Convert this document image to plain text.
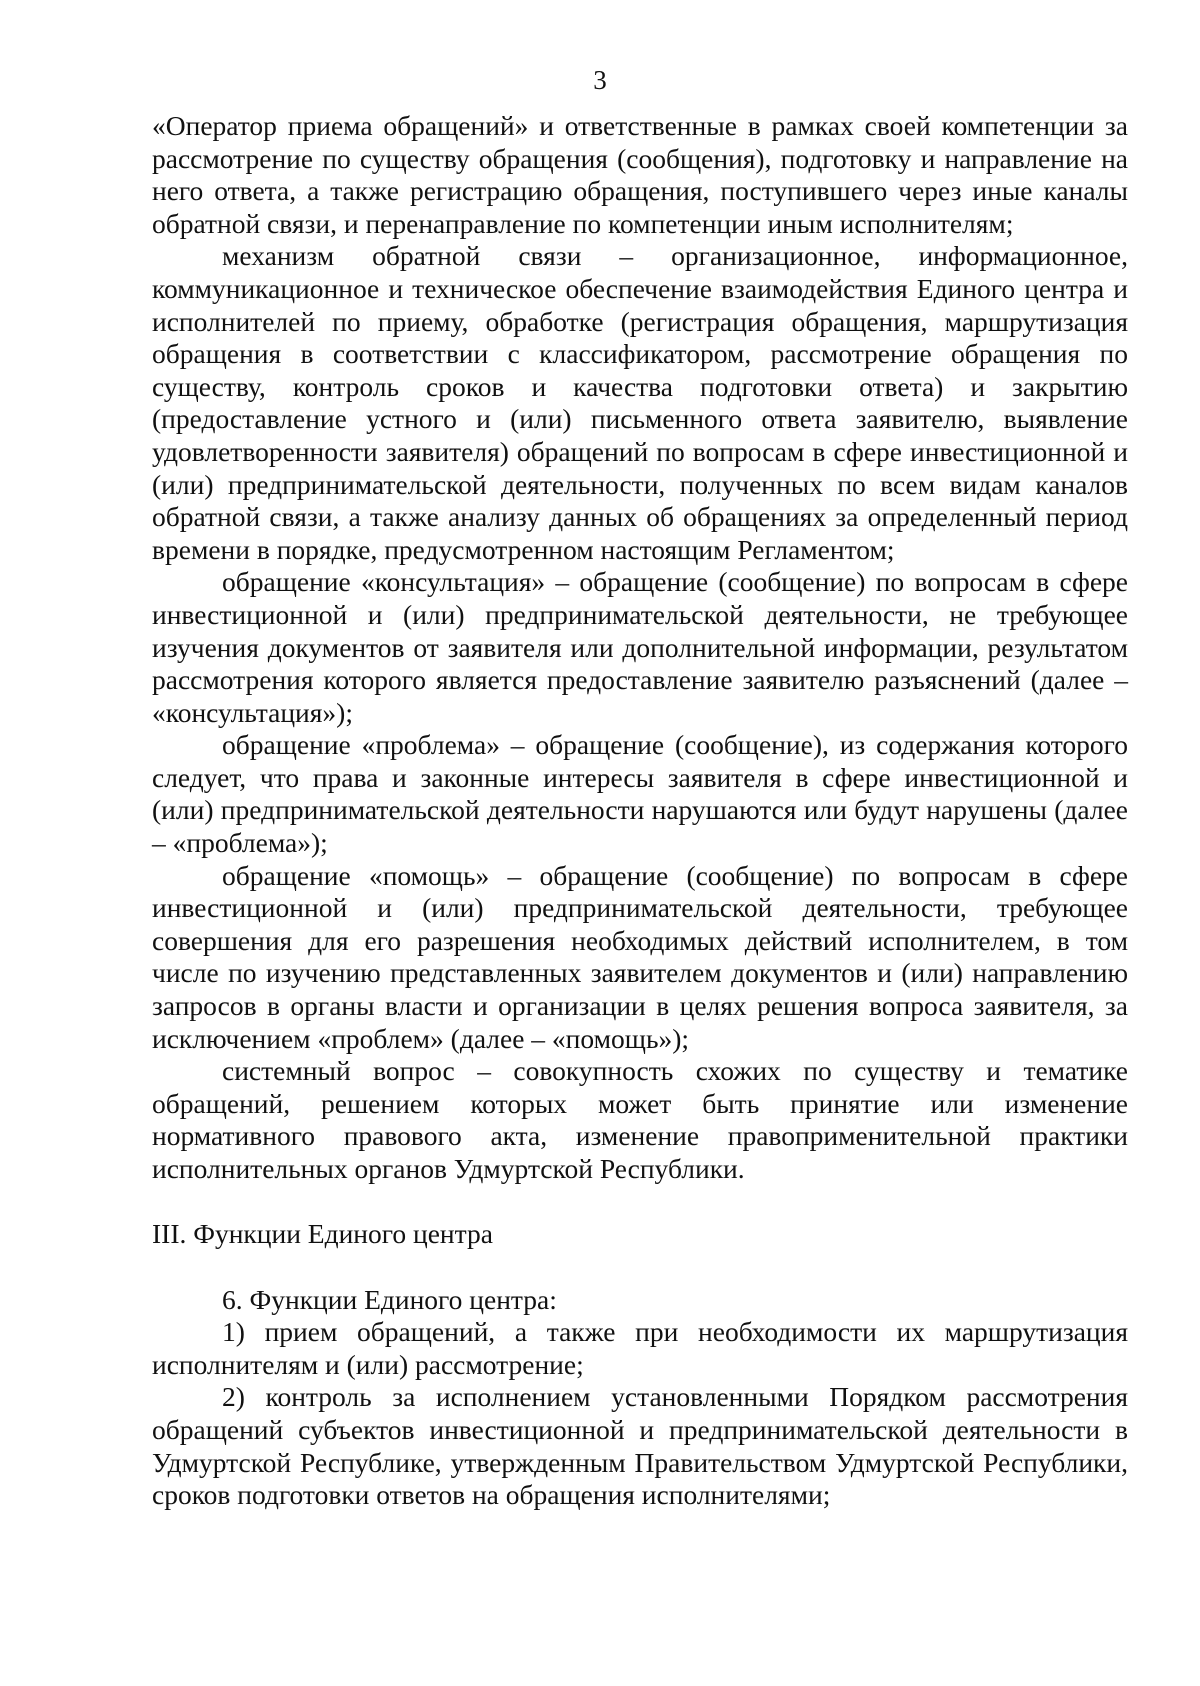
3

«Оператор приема обращений» и ответственные в рамках своей компетенции за рассмотрение по существу обращения (сообщения), подготовку и направление на него ответа, а также регистрацию обращения, поступившего через иные каналы обратной связи, и перенаправление по компетенции иным исполнителям;

механизм обратной связи – организационное, информационное, коммуникационное и техническое обеспечение взаимодействия Единого центра и исполнителей по приему, обработке (регистрация обращения, маршрутизация обращения в соответствии с классификатором, рассмотрение обращения по существу, контроль сроков и качества подготовки ответа) и закрытию (предоставление устного и (или) письменного ответа заявителю, выявление удовлетворенности заявителя) обращений по вопросам в сфере инвестиционной и (или) предпринимательской деятельности, полученных по всем видам каналов обратной связи, а также анализу данных об обращениях за определенный период времени в порядке, предусмотренном настоящим Регламентом;

обращение «консультация» – обращение (сообщение) по вопросам в сфере инвестиционной и (или) предпринимательской деятельности, не требующее изучения документов от заявителя или дополнительной информации, результатом рассмотрения которого является предоставление заявителю разъяснений (далее – «консультация»);

обращение «проблема» – обращение (сообщение), из содержания которого следует, что права и законные интересы заявителя в сфере инвестиционной и (или) предпринимательской деятельности нарушаются или будут нарушены (далее – «проблема»);

обращение «помощь» – обращение (сообщение) по вопросам в сфере инвестиционной и (или) предпринимательской деятельности, требующее совершения для его разрешения необходимых действий исполнителем, в том числе по изучению представленных заявителем документов и (или) направлению запросов в органы власти и организации в целях решения вопроса заявителя, за исключением «проблем» (далее – «помощь»);

системный вопрос – совокупность схожих по существу и тематике обращений, решением которых может быть принятие или изменение нормативного правового акта, изменение правоприменительной практики исполнительных органов Удмуртской Республики.

III. Функции Единого центра

6. Функции Единого центра:

1) прием обращений, а также при необходимости их маршрутизация исполнителям и (или) рассмотрение;

2) контроль за исполнением установленными Порядком рассмотрения обращений субъектов инвестиционной и предпринимательской деятельности в Удмуртской Республике, утвержденным Правительством Удмуртской Республики, сроков подготовки ответов на обращения исполнителями;
